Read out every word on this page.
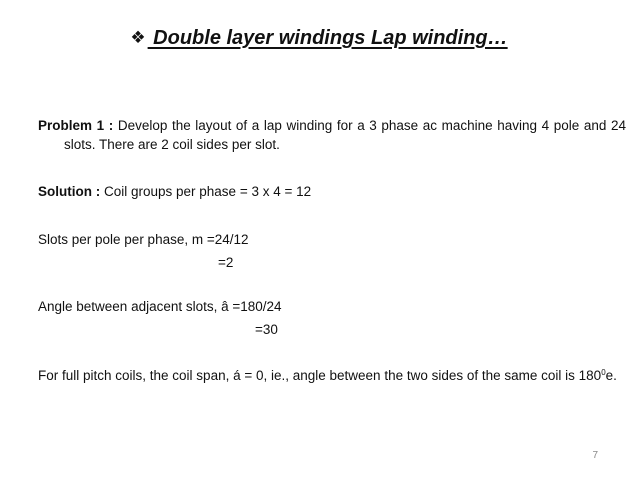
❖ Double layer windings Lap winding…

Problem 1 : Develop the layout of a lap winding for a 3 phase ac machine having 4 pole and 24 slots. There are 2 coil sides per slot.

Solution : Coil groups per phase = 3 x 4 = 12

Slots per pole per phase, m =24/12

=2

Angle between adjacent slots, â =180/24

=30

For full pitch coils, the coil span, á = 0, ie., angle between the two sides of the same coil is $180^0e$.

7
